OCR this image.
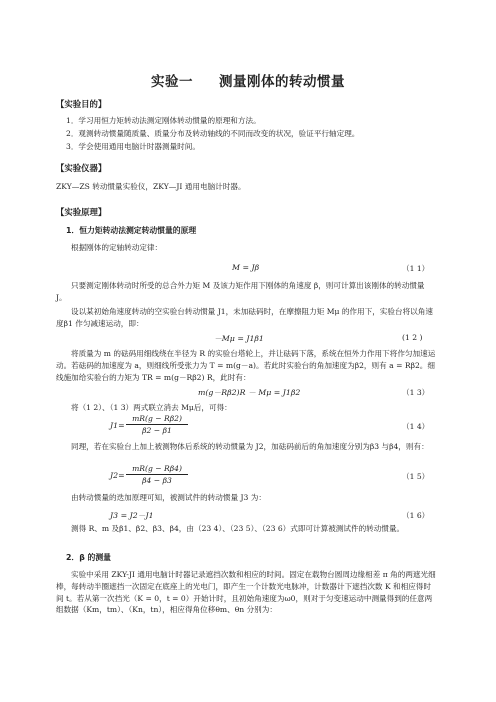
实验一 测量刚体的转动惯量
【实验目的】
1．学习用恒力矩转动法测定刚体转动惯量的原理和方法。
2．观测转动惯量随质量、质量分布及转动轴线的不同而改变的状况，验证平行轴定理。
3．学会使用通用电脑计时器测量时间。
【实验仪器】
ZKY—ZS 转动惯量实验仪，ZKY—JI 通用电脑计时器。
【实验原理】
1．恒力矩转动法测定转动惯量的原理
根据刚体的定轴转动定律：
M = Jβ	（1 1）
只要测定刚体转动时所受的总合外力矩 M 及该力矩作用下刚体的角速度 β，则可计算出该刚体的转动惯量 J。
设以某初始角速度转动的空实验台转动惯量 J1，未加砝码时，在摩擦阻力矩 Mμ 的作用下，实验台将以角速度β1 作匀减速运动，即：
－Mμ = J1β1	(1 2 )
将质量为 m 的砝码用细线绕在半径为 R 的实验台塔轮上，并让砝码下落，系统在恒外力作用下将作匀加速运动。若砝码的加速度为 a，则细线所受张力为 T = m(g－a)。若此时实验台的角加速度为β2，则有 a = Rβ2。细线施加给实验台的力矩为 TR = m(g－Rβ2) R，此时有：
m(g－Rβ2)R － Mμ = J1β2	（1 3）
将（1 2）、（1 3）两式联立消去 Mμ后，可得：
$J1= \frac{mR(g - R\beta 2)}{\beta 2 - \beta 1}$	（1 4）
同理，若在实验台上加上被测物体后系统的转动惯量为 J2，加砝码前后的角加速度分别为β3 与β4，则有：
$J2= \frac{mR(g - R\beta 4)}{\beta 4 - \beta 3}$	（1 5）
由转动惯量的迭加原理可知，被测试件的转动惯量 J3 为：
J3 = J2－J1	（1 6）
测得 R、m 及β1、β2、β3、β4，由（23 4）、（23 5）、（23 6）式即可计算被测试件的转动惯量。
2．β 的测量
实验中采用 ZKY-JI 通用电脑计时器记录遮挡次数和相应的时间。固定在载物台圆周边缘相差 π 角的两遮光细棒，每转动半圈遮挡一次固定在底座上的光电门，即产生一个计数光电脉冲，计数器计下遮挡次数 K 和相应得时间 t。若从第一次挡光（K = 0，t = 0）开始计时，且初始角速度为ω0，则对于匀变速运动中测量得到的任意两组数据（Km，tm）、（Kn，tn），相应得角位移θm、θn 分别为：
